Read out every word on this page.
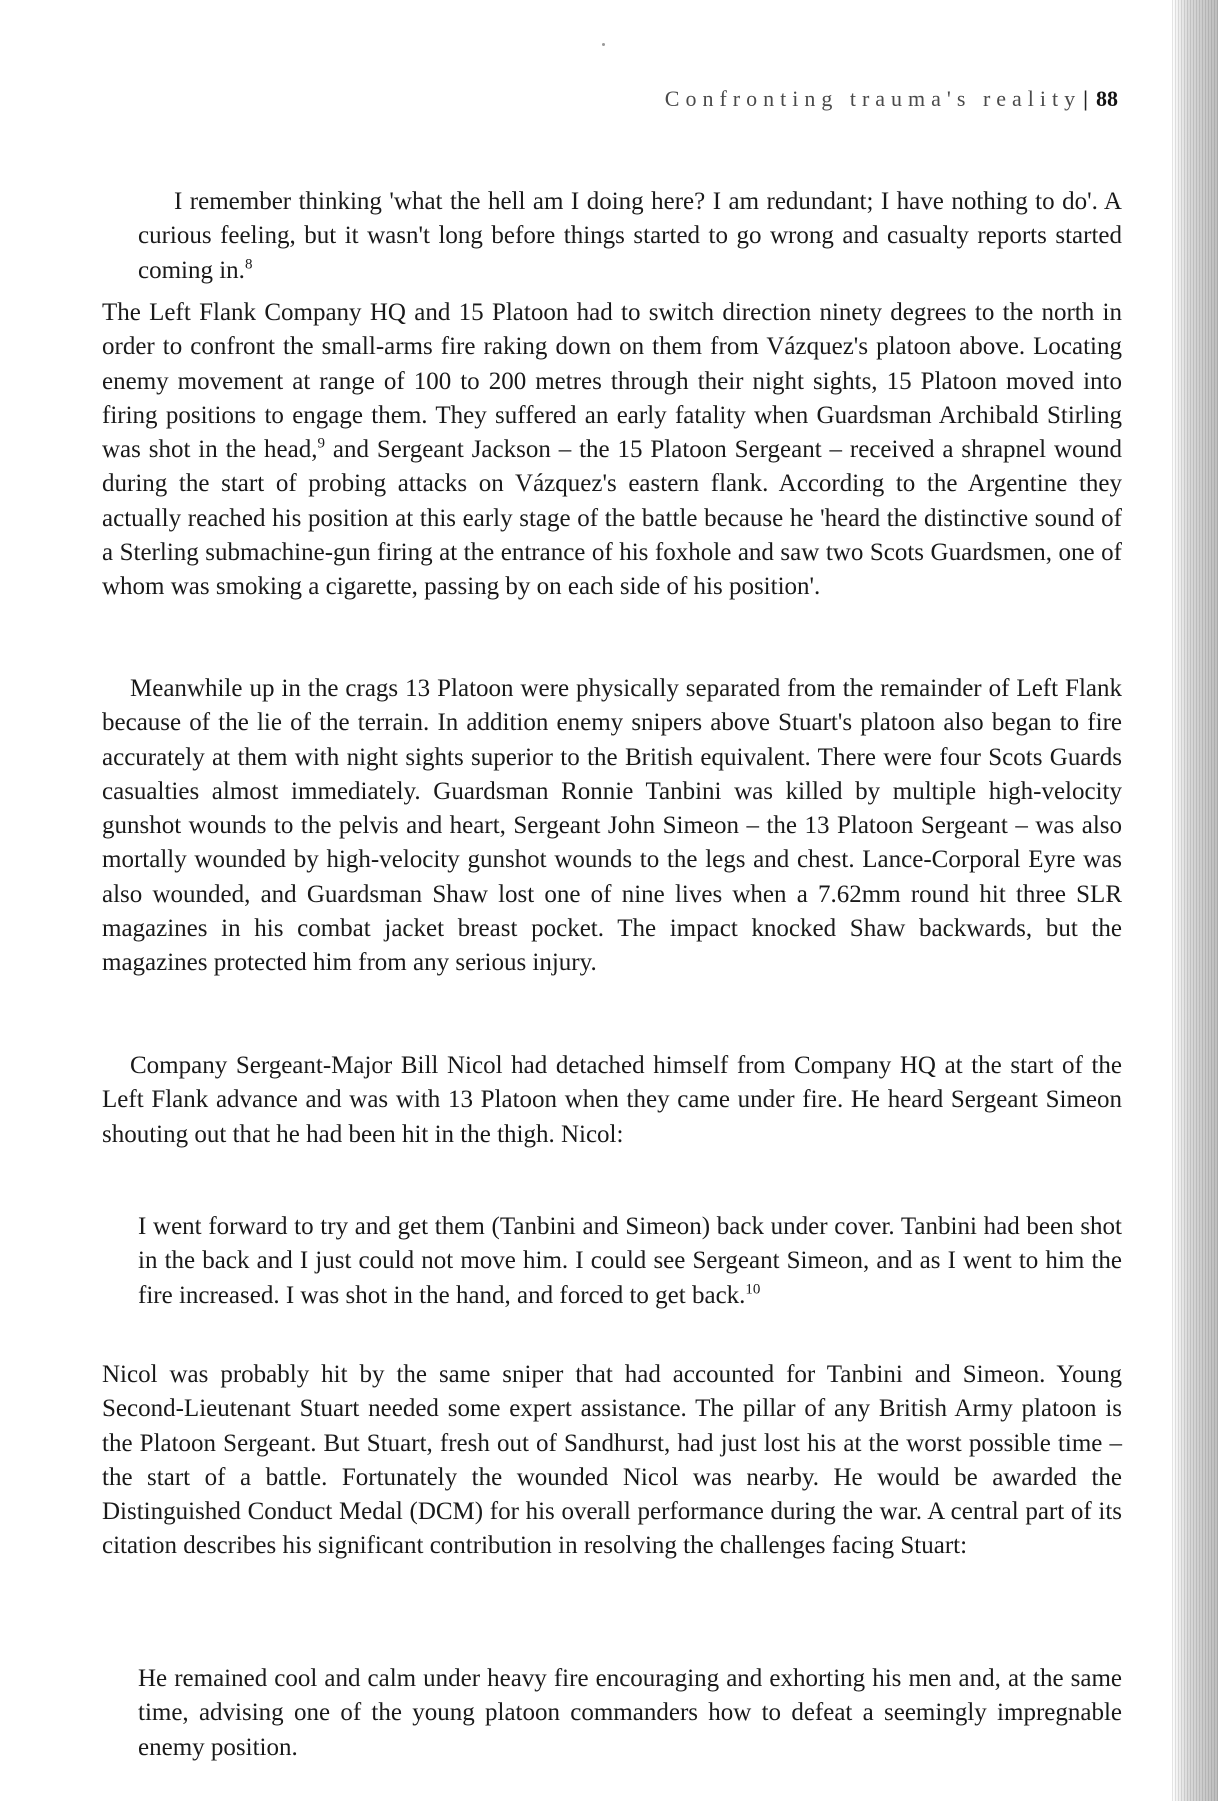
Confronting trauma's reality| 88

I remember thinking 'what the hell am I doing here? I am redundant; I have nothing to do'. A curious feeling, but it wasn't long before things started to go wrong and casualty reports started coming in.$^8$

The Left Flank Company HQ and 15 Platoon had to switch direction ninety degrees to the north in order to confront the small-arms fire raking down on them from Vázquez's platoon above. Locating enemy movement at range of 100 to 200 metres through their night sights, 15 Platoon moved into firing positions to engage them. They suffered an early fatality when Guardsman Archibald Stirling was shot in the head,$^9$ and Sergeant Jackson – the 15 Platoon Sergeant – received a shrapnel wound during the start of probing attacks on Vázquez's eastern flank. According to the Argentine they actually reached his position at this early stage of the battle because he 'heard the distinctive sound of a Sterling submachine-gun firing at the entrance of his foxhole and saw two Scots Guardsmen, one of whom was smoking a cigarette, passing by on each side of his position'.

Meanwhile up in the crags 13 Platoon were physically separated from the remainder of Left Flank because of the lie of the terrain. In addition enemy snipers above Stuart's platoon also began to fire accurately at them with night sights superior to the British equivalent. There were four Scots Guards casualties almost immediately. Guardsman Ronnie Tanbini was killed by multiple high-velocity gunshot wounds to the pelvis and heart, Sergeant John Simeon – the 13 Platoon Sergeant – was also mortally wounded by high-velocity gunshot wounds to the legs and chest. Lance-Corporal Eyre was also wounded, and Guardsman Shaw lost one of nine lives when a 7.62mm round hit three SLR magazines in his combat jacket breast pocket. The impact knocked Shaw backwards, but the magazines protected him from any serious injury.

Company Sergeant-Major Bill Nicol had detached himself from Company HQ at the start of the Left Flank advance and was with 13 Platoon when they came under fire. He heard Sergeant Simeon shouting out that he had been hit in the thigh. Nicol:

I went forward to try and get them (Tanbini and Simeon) back under cover. Tanbini had been shot in the back and I just could not move him. I could see Sergeant Simeon, and as I went to him the fire increased. I was shot in the hand, and forced to get back.$^{10}$

Nicol was probably hit by the same sniper that had accounted for Tanbini and Simeon. Young Second-Lieutenant Stuart needed some expert assistance. The pillar of any British Army platoon is the Platoon Sergeant. But Stuart, fresh out of Sandhurst, had just lost his at the worst possible time – the start of a battle. Fortunately the wounded Nicol was nearby. He would be awarded the Distinguished Conduct Medal (DCM) for his overall performance during the war. A central part of its citation describes his significant contribution in resolving the challenges facing Stuart:

He remained cool and calm under heavy fire encouraging and exhorting his men and, at the same time, advising one of the young platoon commanders how to defeat a seemingly impregnable enemy position.
